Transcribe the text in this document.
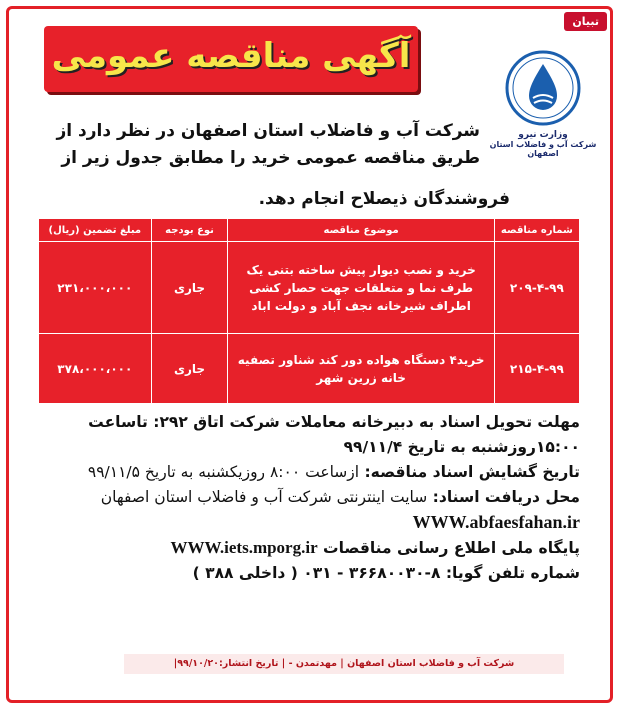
تبیان
آگهی مناقصه عمومی
وزارت نیرو
شرکت آب و فاضلاب استان اصفهان
شرکت آب و فاضلاب استان اصفهان در نظر دارد از طریق مناقصه عمومی خرید را مطابق جدول زیر از
فروشندگان ذیصلاح انجام دهد.
شماره مناقصه	موضوع مناقصه	نوع بودجه	مبلغ تضمین (ریال)
۲۰۹-۴-۹۹	خرید و نصب دیوار پیش ساخته بتنی یک طرف نما و متعلقات جهت حصار کشی اطراف شیرخانه نجف آباد و دولت اباد	جاری	۲۳۱،۰۰۰،۰۰۰
۲۱۵-۴-۹۹	خرید۴ دستگاه هواده دور کند شناور تصفیه خانه زرین شهر	جاری	۳۷۸،۰۰۰،۰۰۰
مهلت تحویل اسناد به دبیرخانه معاملات شرکت اتاق ۲۹۲: تاساعت
۱۵:۰۰روزشنبه به تاریخ ۹۹/۱۱/۴
تاریخ گشایش اسناد مناقصه: ازساعت ۸:۰۰ روزیکشنبه به تاریخ ۹۹/۱۱/۵
محل دریافت اسناد: سایت اینترنتی شرکت آب و فاضلاب استان اصفهان
WWW.abfaesfahan.ir
پایگاه ملی اطلاع رسانی مناقصات WWW.iets.mporg.ir
شماره تلفن گویا: ۸-۳۶۶۸۰۰۳۰ - ۰۳۱ ( داخلی ۳۸۸ )
شرکت آب و فاضلاب استان اصفهان | مهدتمدن - | تاریخ انتشار:۹۹/۱۰/۲۰|
